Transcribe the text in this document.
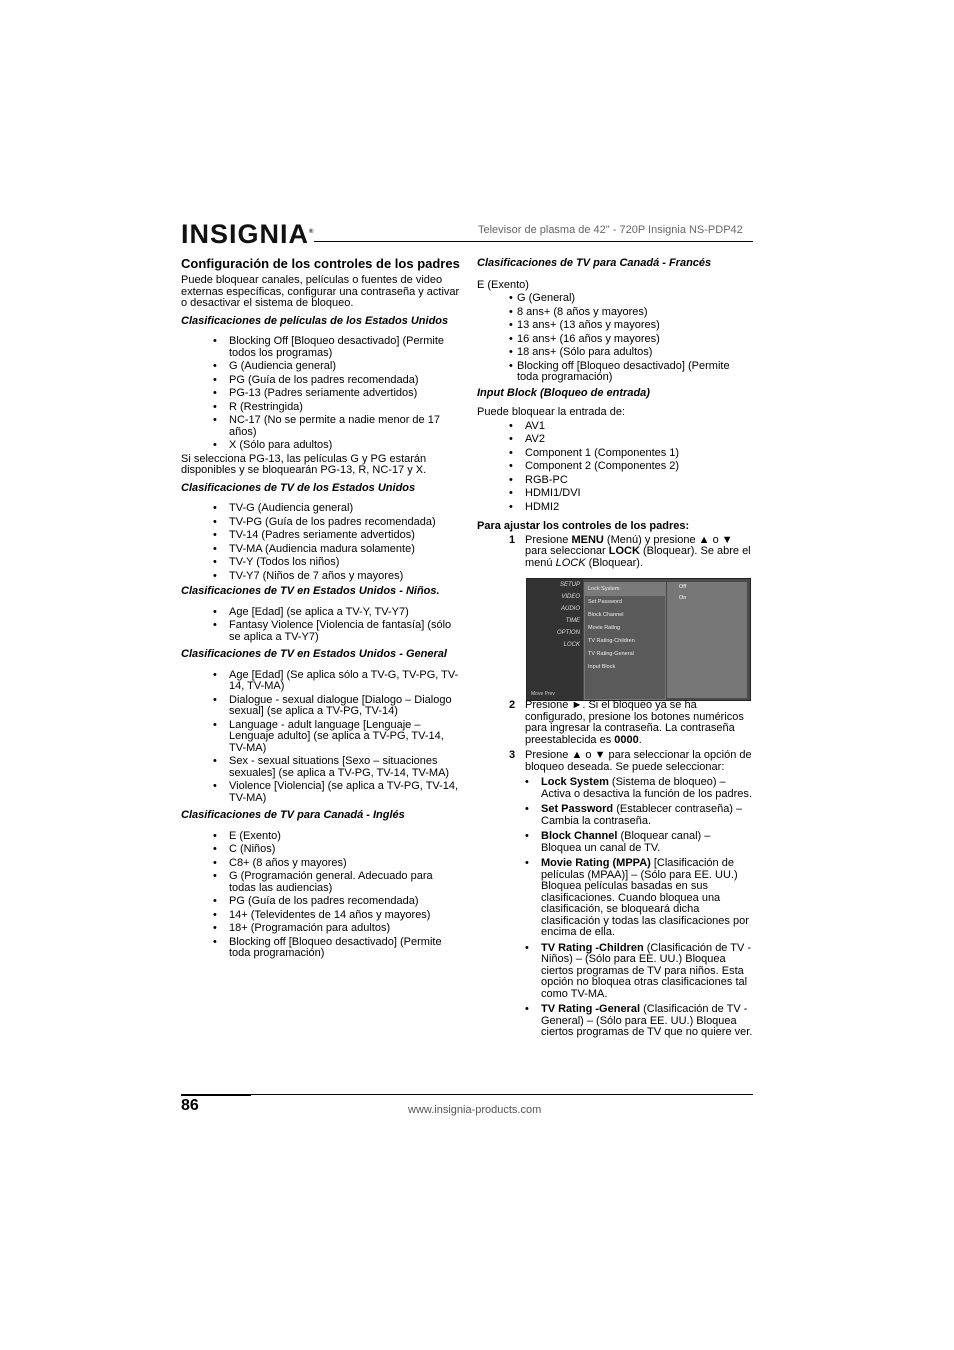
INSIGNIA®	Televisor de plasma de 42" - 720P Insignia NS-PDP42

Configuración de los controles de los padres

Puede bloquear canales, películas o fuentes de video externas específicas, configurar una contraseña y activar o desactivar el sistema de bloqueo.

Clasificaciones de películas de los Estados Unidos

• Blocking Off [Bloqueo desactivado] (Permite todos los programas)
• G (Audiencia general)
• PG (Guía de los padres recomendada)
• PG-13 (Padres seriamente advertidos)
• R (Restringida)
• NC-17 (No se permite a nadie menor de 17 años)
• X (Sólo para adultos)

Si selecciona PG-13, las películas G y PG estarán disponibles y se bloquearán PG-13, R, NC-17 y X.

Clasificaciones de TV de los Estados Unidos

• TV-G (Audiencia general)
• TV-PG (Guía de los padres recomendada)
• TV-14 (Padres seriamente advertidos)
• TV-MA (Audiencia madura solamente)
• TV-Y (Todos los niños)
• TV-Y7 (Niños de 7 años y mayores)

Clasificaciones de TV en Estados Unidos - Niños.

• Age [Edad] (se aplica a TV-Y, TV-Y7)
• Fantasy Violence [Violencia de fantasía] (sólo se aplica a TV-Y7)

Clasificaciones de TV en Estados Unidos - General

• Age [Edad] (Se aplica sólo a TV-G, TV-PG, TV-14, TV-MA)
• Dialogue - sexual dialogue [Dialogo – Dialogo sexual] (se aplica a TV-PG, TV-14)
• Language - adult language [Lenguaje – Lenguaje adulto] (se aplica a TV-PG, TV-14, TV-MA)
• Sex - sexual situations [Sexo – situaciones sexuales] (se aplica a TV-PG, TV-14, TV-MA)
• Violence [Violencia] (se aplica a TV-PG, TV-14, TV-MA)

Clasificaciones de TV para Canadá - Inglés

• E (Exento)
• C (Niños)
• C8+ (8 años y mayores)
• G (Programación general. Adecuado para todas las audiencias)
• PG (Guía de los padres recomendada)
• 14+ (Televidentes de 14 años y mayores)
• 18+ (Programación para adultos)
• Blocking off [Bloqueo desactivado] (Permite toda programación)

Clasificaciones de TV para Canadá - Francés

E (Exento)

• G (General)
• 8 ans+ (8 años y mayores)
• 13 ans+ (13 años y mayores)
• 16 ans+ (16 años y mayores)
• 18 ans+ (Sólo para adultos)
• Blocking off [Bloqueo desactivado] (Permite toda programación)

Input Block (Bloqueo de entrada)

Puede bloquear la entrada de:

• AV1
• AV2
• Component 1 (Componentes 1)
• Component 2 (Componentes 2)
• RGB-PC
• HDMI1/DVI
• HDMI2

Para ajustar los controles de los padres:

1 Presione MENU (Menú) y presione ▲ o ▼ para seleccionar LOCK (Bloquear). Se abre el menú LOCK (Bloquear).
SETUP
VIDEO
AUDIO
TIME
OPTION
LOCK
Lock System
Set Password
Block Channel
Movie Rating
TV Rating-Children
TV Rating-General
Input Block
Off
On
Move Prev
2 Presione ►. Si el bloqueo ya se ha configurado, presione los botones numéricos para ingresar la contraseña. La contraseña preestablecida es 0000.
3 Presione ▲ o ▼ para seleccionar la opción de bloqueo deseada. Se puede seleccionar:
• Lock System (Sistema de bloqueo) – Activa o desactiva la función de los padres.
• Set Password (Establecer contraseña) – Cambia la contraseña.
• Block Channel (Bloquear canal) – Bloquea un canal de TV.
• Movie Rating (MPPA) [Clasificación de películas (MPAA)] – (Sólo para EE. UU.) Bloquea películas basadas en sus clasificaciones. Cuando bloquea una clasificación, se bloqueará dicha clasificación y todas las clasificaciones por encima de ella.
• TV Rating -Children (Clasificación de TV - Niños) – (Sólo para EE. UU.) Bloquea ciertos programas de TV para niños. Esta opción no bloquea otras clasificaciones tal como TV-MA.
• TV Rating -General (Clasificación de TV - General) – (Sólo para EE. UU.) Bloquea ciertos programas de TV que no quiere ver.
86	www.insignia-products.com
